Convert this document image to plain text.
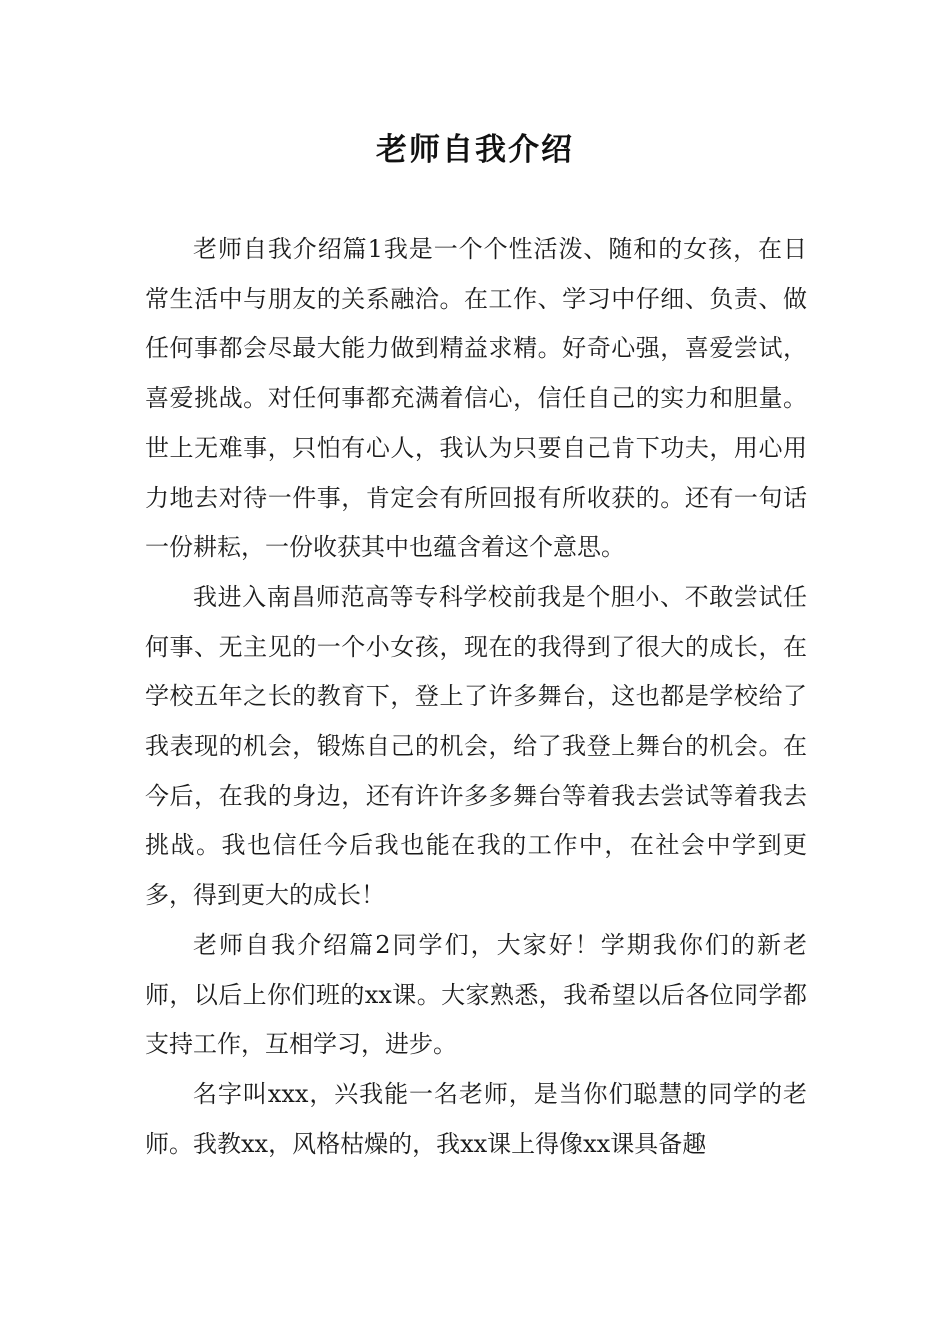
老师自我介绍

老师自我介绍篇1我是一个个性活泼、随和的女孩，在日常生活中与朋友的关系融洽。在工作、学习中仔细、负责、做任何事都会尽最大能力做到精益求精。好奇心强，喜爱尝试，喜爱挑战。对任何事都充满着信心，信任自己的实力和胆量。世上无难事，只怕有心人，我认为只要自己肯下功夫，用心用力地去对待一件事，肯定会有所回报有所收获的。还有一句话一份耕耘，一份收获其中也蕴含着这个意思。

我进入南昌师范高等专科学校前我是个胆小、不敢尝试任何事、无主见的一个小女孩，现在的我得到了很大的成长，在学校五年之长的教育下，登上了许多舞台，这也都是学校给了我表现的机会，锻炼自己的机会，给了我登上舞台的机会。在今后，在我的身边，还有许许多多舞台等着我去尝试等着我去挑战。我也信任今后我也能在我的工作中，在社会中学到更多，得到更大的成长！

老师自我介绍篇2同学们，大家好！学期我你们的新老师，以后上你们班的xx课。大家熟悉，我希望以后各位同学都支持工作，互相学习，进步。

名字叫xxx，兴我能一名老师，是当你们聪慧的同学的老师。我教xx，风格枯燥的，我xx课上得像xx课具备趣
